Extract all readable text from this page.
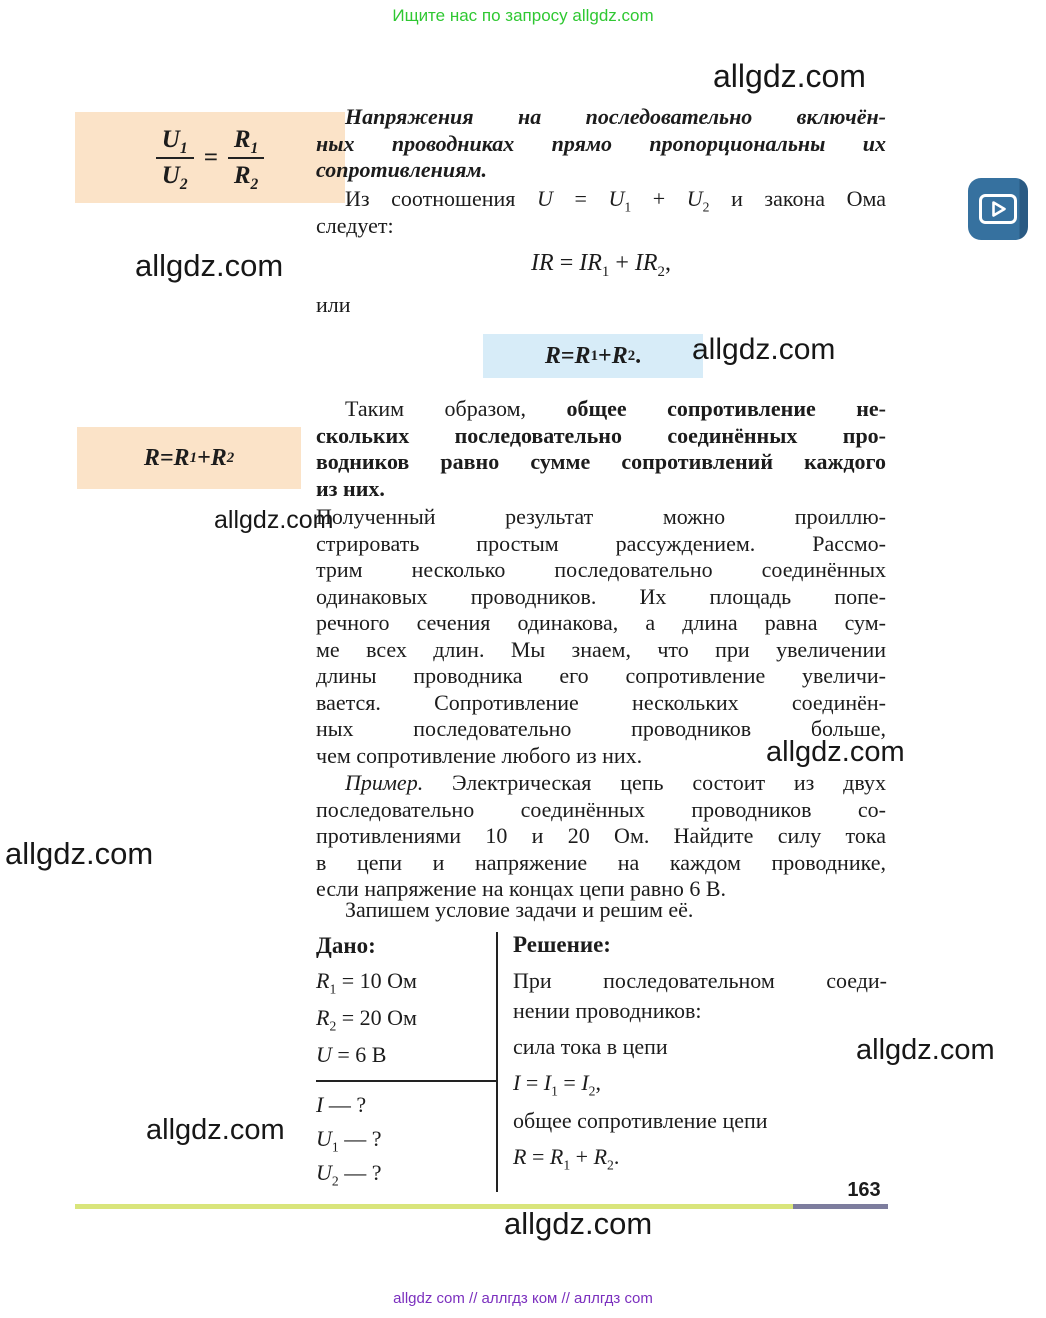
Ищите нас по запросу allgdz.com
allgdz.com
$\frac{U_1}{U_2} = \frac{R_1}{R_2}$
Напряжения на последовательно включён-
ных проводниках прямо пропорциональны их
сопротивлениям.
Из соотношения $U = U_1 + U_2$ и закона Ома
следует:
allgdz.com	IR = $IR_1 + IR_2$,
или
R = R 1 + R 2 .	allgdz.com
Таким образом, общее сопротивление не-
скольких последовательно соединённых про-
водников равно сумме сопротивлений каждого
из них.
R = R 1 + R 2
allgdz.com
Полученный результат можно проиллю-
стрировать простым рассуждением. Рассмо-
трим несколько последовательно соединённых
одинаковых проводников. Их площадь попе-
речного сечения одинакова, а длина равна сум-
ме всех длин. Мы знаем, что при увеличении
длины проводника его сопротивление увеличи-
вается. Сопротивление нескольких соединён-
ных последовательно проводников больше,
чем сопротивление любого из них.	allgdz.com
allgdz.com
Пример. Электрическая цепь состоит из двух
последовательно соединённых проводников со-
противлениями 10 и 20 Ом. Найдите силу тока
в цепи и напряжение на каждом проводнике,
если напряжение на концах цепи равно 6 В.
Запишем условие задачи и решим её.
Дано:
$R_1 = 10$ Ом
$R_2 = 20$ Ом
U = 6 В
I — ?
$U_1$ — ?
$U_2$ — ?
Решение:
При последовательном соеди-
нении проводников:
сила тока в цепи
$I = I_1 = I_2$,
общее сопротивление цепи
$R = R_1 + R_2$.
allgdz.com
allgdz.com
163
allgdz.com
allgdz com // аллгдз ком // аллгдз com
